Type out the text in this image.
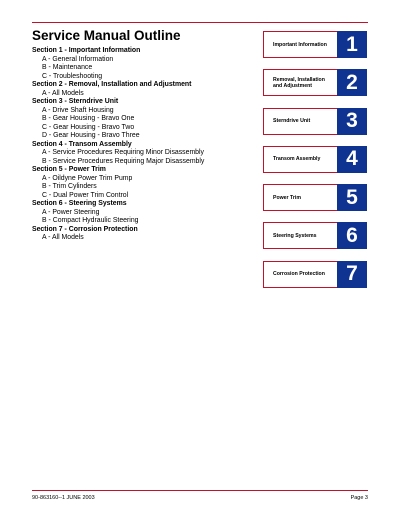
Service Manual Outline
Section 1 - Important Information
A - General Information
B - Maintenance
C - Troubleshooting
Section 2 - Removal, Installation and Adjustment
A - All Models
Section 3 - Sterndrive Unit
A - Drive Shaft Housing
B - Gear Housing - Bravo One
C - Gear Housing - Bravo Two
D - Gear Housing - Bravo Three
Section 4 - Transom Assembly
A - Service Procedures Requiring Minor Disassembly
B - Service Procedures Requiring Major Disassembly
Section 5 - Power Trim
A - Oildyne Power Trim Pump
B - Trim Cylinders
C - Dual Power Trim Control
Section 6 - Steering Systems
A - Power Steering
B - Compact Hydraulic Steering
Section 7 - Corrosion Protection
A - All Models
Important Information 1
Removal, Installation and Adjustment	2
Sterndrive Unit	3
Transom Assembly	4
Power Trim	5
Steering Systems	6
Corrosion Protection	7
90-863160--1 JUNE 2003	Page 3
